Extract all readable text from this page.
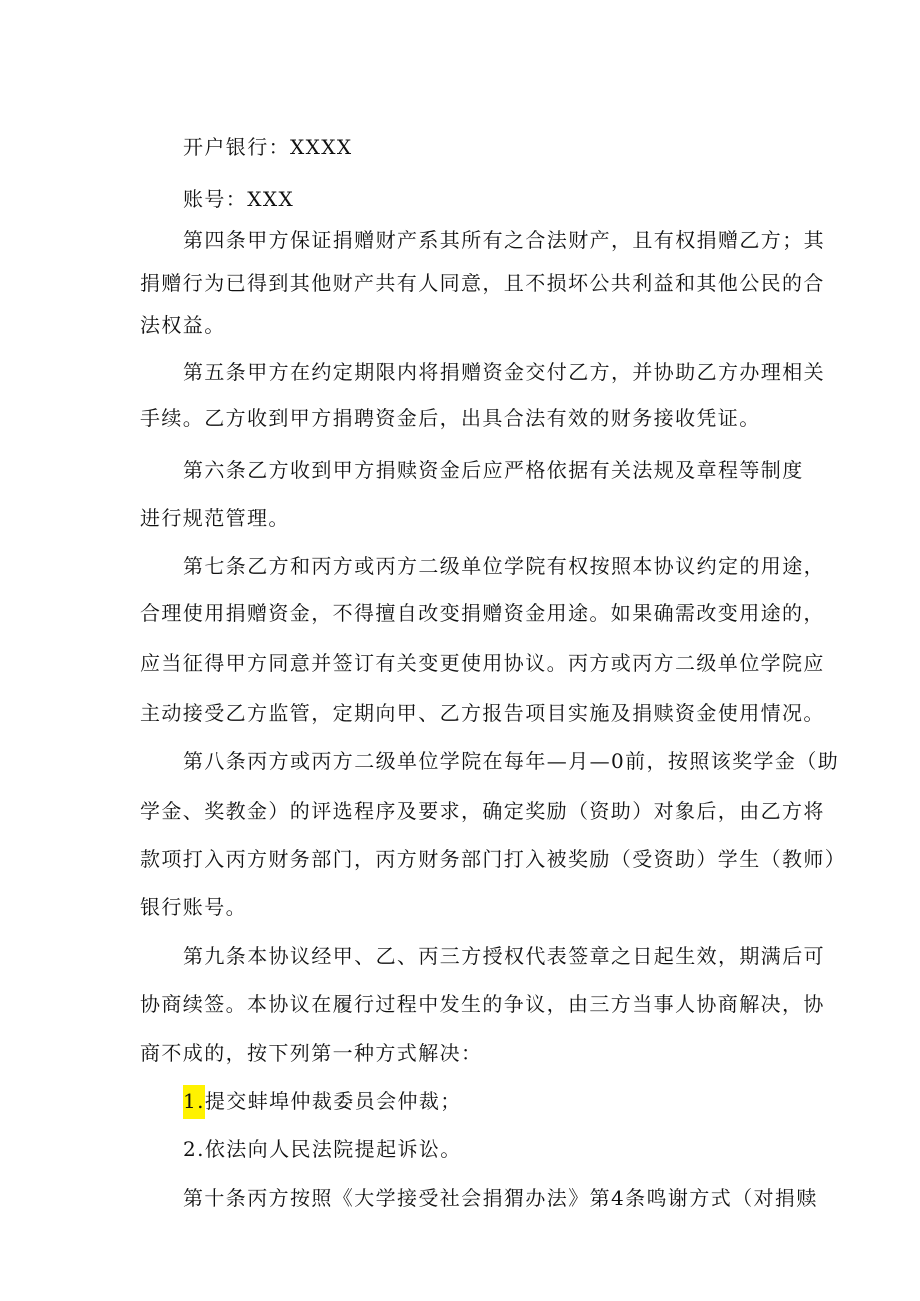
开户银行：XXXX
账号：XXX
第四条甲方保证捐赠财产系其所有之合法财产，且有权捐赠乙方；其
捐赠行为已得到其他财产共有人同意，且不损坏公共利益和其他公民的合
法权益。
第五条甲方在约定期限内将捐赠资金交付乙方，并协助乙方办理相关
手续。乙方收到甲方捐聘资金后，出具合法有效的财务接收凭证。
第六条乙方收到甲方捐赎资金后应严格依据有关法规及章程等制度
进行规范管理。
第七条乙方和丙方或丙方二级单位学院有权按照本协议约定的用途，
合理使用捐赠资金，不得擅自改变捐赠资金用途。如果确需改变用途的，
应当征得甲方同意并签订有关变更使用协议。丙方或丙方二级单位学院应
主动接受乙方监管，定期向甲、乙方报告项目实施及捐赎资金使用情况。
第八条丙方或丙方二级单位学院在每年—月—0前，按照该奖学金（助
学金、奖教金）的评选程序及要求，确定奖励（资助）对象后，由乙方将
款项打入丙方财务部门，丙方财务部门打入被奖励（受资助）学生（教师）
银行账号。
第九条本协议经甲、乙、丙三方授权代表签章之日起生效，期满后可
协商续签。本协议在履行过程中发生的争议，由三方当事人协商解决，协
商不成的，按下列第一种方式解决：
1.提交蚌埠仲裁委员会仲裁；
2.依法向人民法院提起诉讼。
第十条丙方按照《大学接受社会捐猬办法》第4条鸣谢方式（对捐赎
